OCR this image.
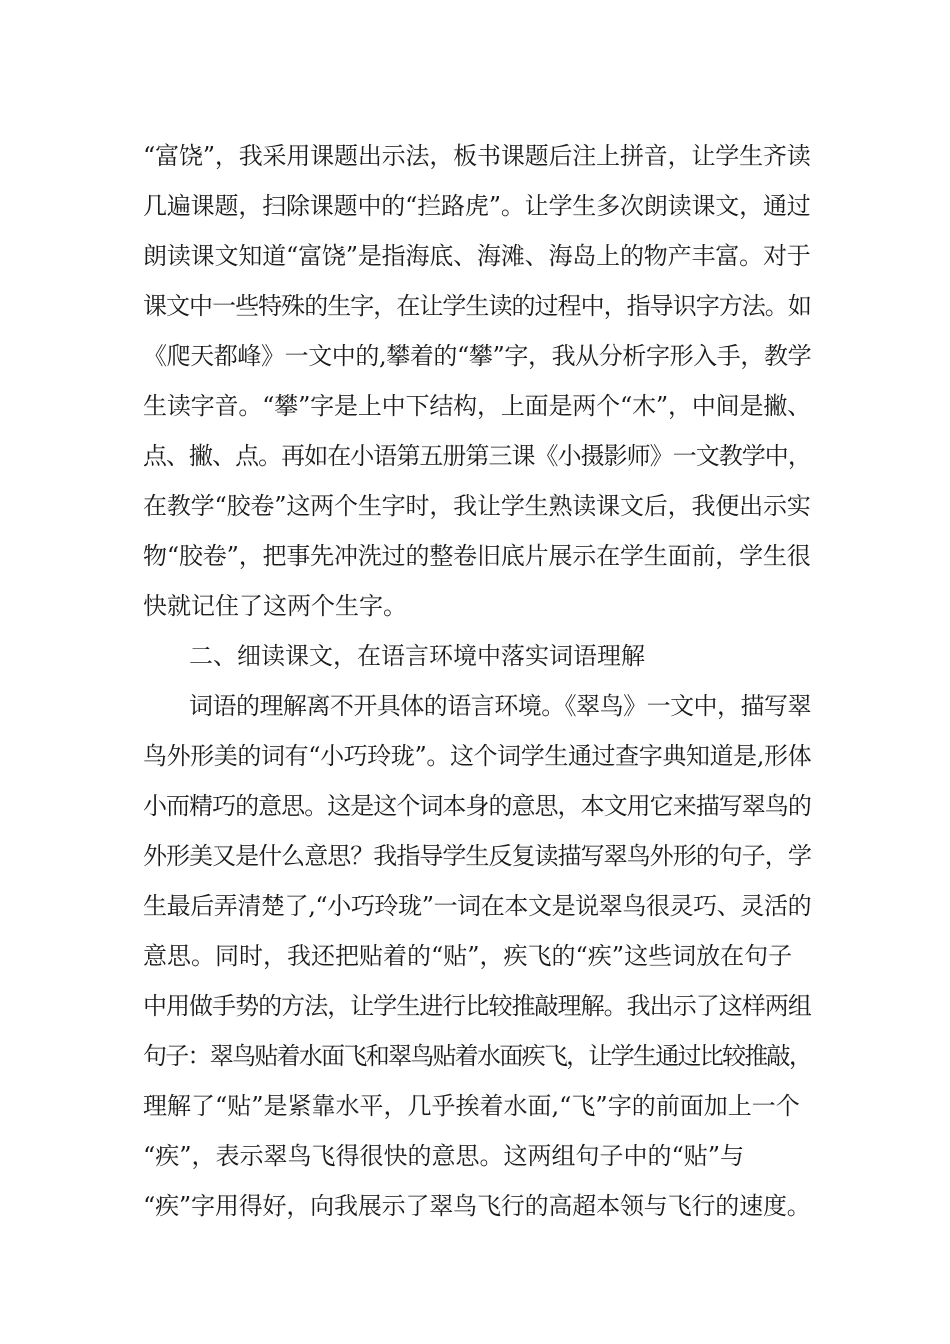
“富饶”，我采用课题出示法，板书课题后注上拼音，让学生齐读
几遍课题，扫除课题中的“拦路虎”。让学生多次朗读课文，通过
朗读课文知道“富饶”是指海底、海滩、海岛上的物产丰富。对于
课文中一些特殊的生字，在让学生读的过程中，指导识字方法。如
《爬天都峰》一文中的,攀着的“攀”字，我从分析字形入手，教学
生读字音。“攀”字是上中下结构，上面是两个“木”，中间是撇、
点、撇、点。再如在小语第五册第三课《小摄影师》一文教学中，
在教学“胶卷”这两个生字时，我让学生熟读课文后，我便出示实
物“胶卷”，把事先冲洗过的整卷旧底片展示在学生面前，学生很
快就记住了这两个生字。
二、细读课文，在语言环境中落实词语理解
词语的理解离不开具体的语言环境。《翠鸟》一文中，描写翠
鸟外形美的词有“小巧玲珑”。这个词学生通过查字典知道是,形体
小而精巧的意思。这是这个词本身的意思，本文用它来描写翠鸟的
外形美又是什么意思？我指导学生反复读描写翠鸟外形的句子，学
生最后弄清楚了,“小巧玲珑”一词在本文是说翠鸟很灵巧、灵活的
意思。同时，我还把贴着的“贴”，疾飞的“疾”这些词放在句子
中用做手势的方法，让学生进行比较推敲理解。我出示了这样两组
句子：翠鸟贴着水面飞和翠鸟贴着水面疾飞，让学生通过比较推敲，
理解了“贴”是紧靠水平，几乎挨着水面,“飞”字的前面加上一个
“疾”，表示翠鸟飞得很快的意思。这两组句子中的“贴”与
“疾”字用得好，向我展示了翠鸟飞行的高超本领与飞行的速度。
